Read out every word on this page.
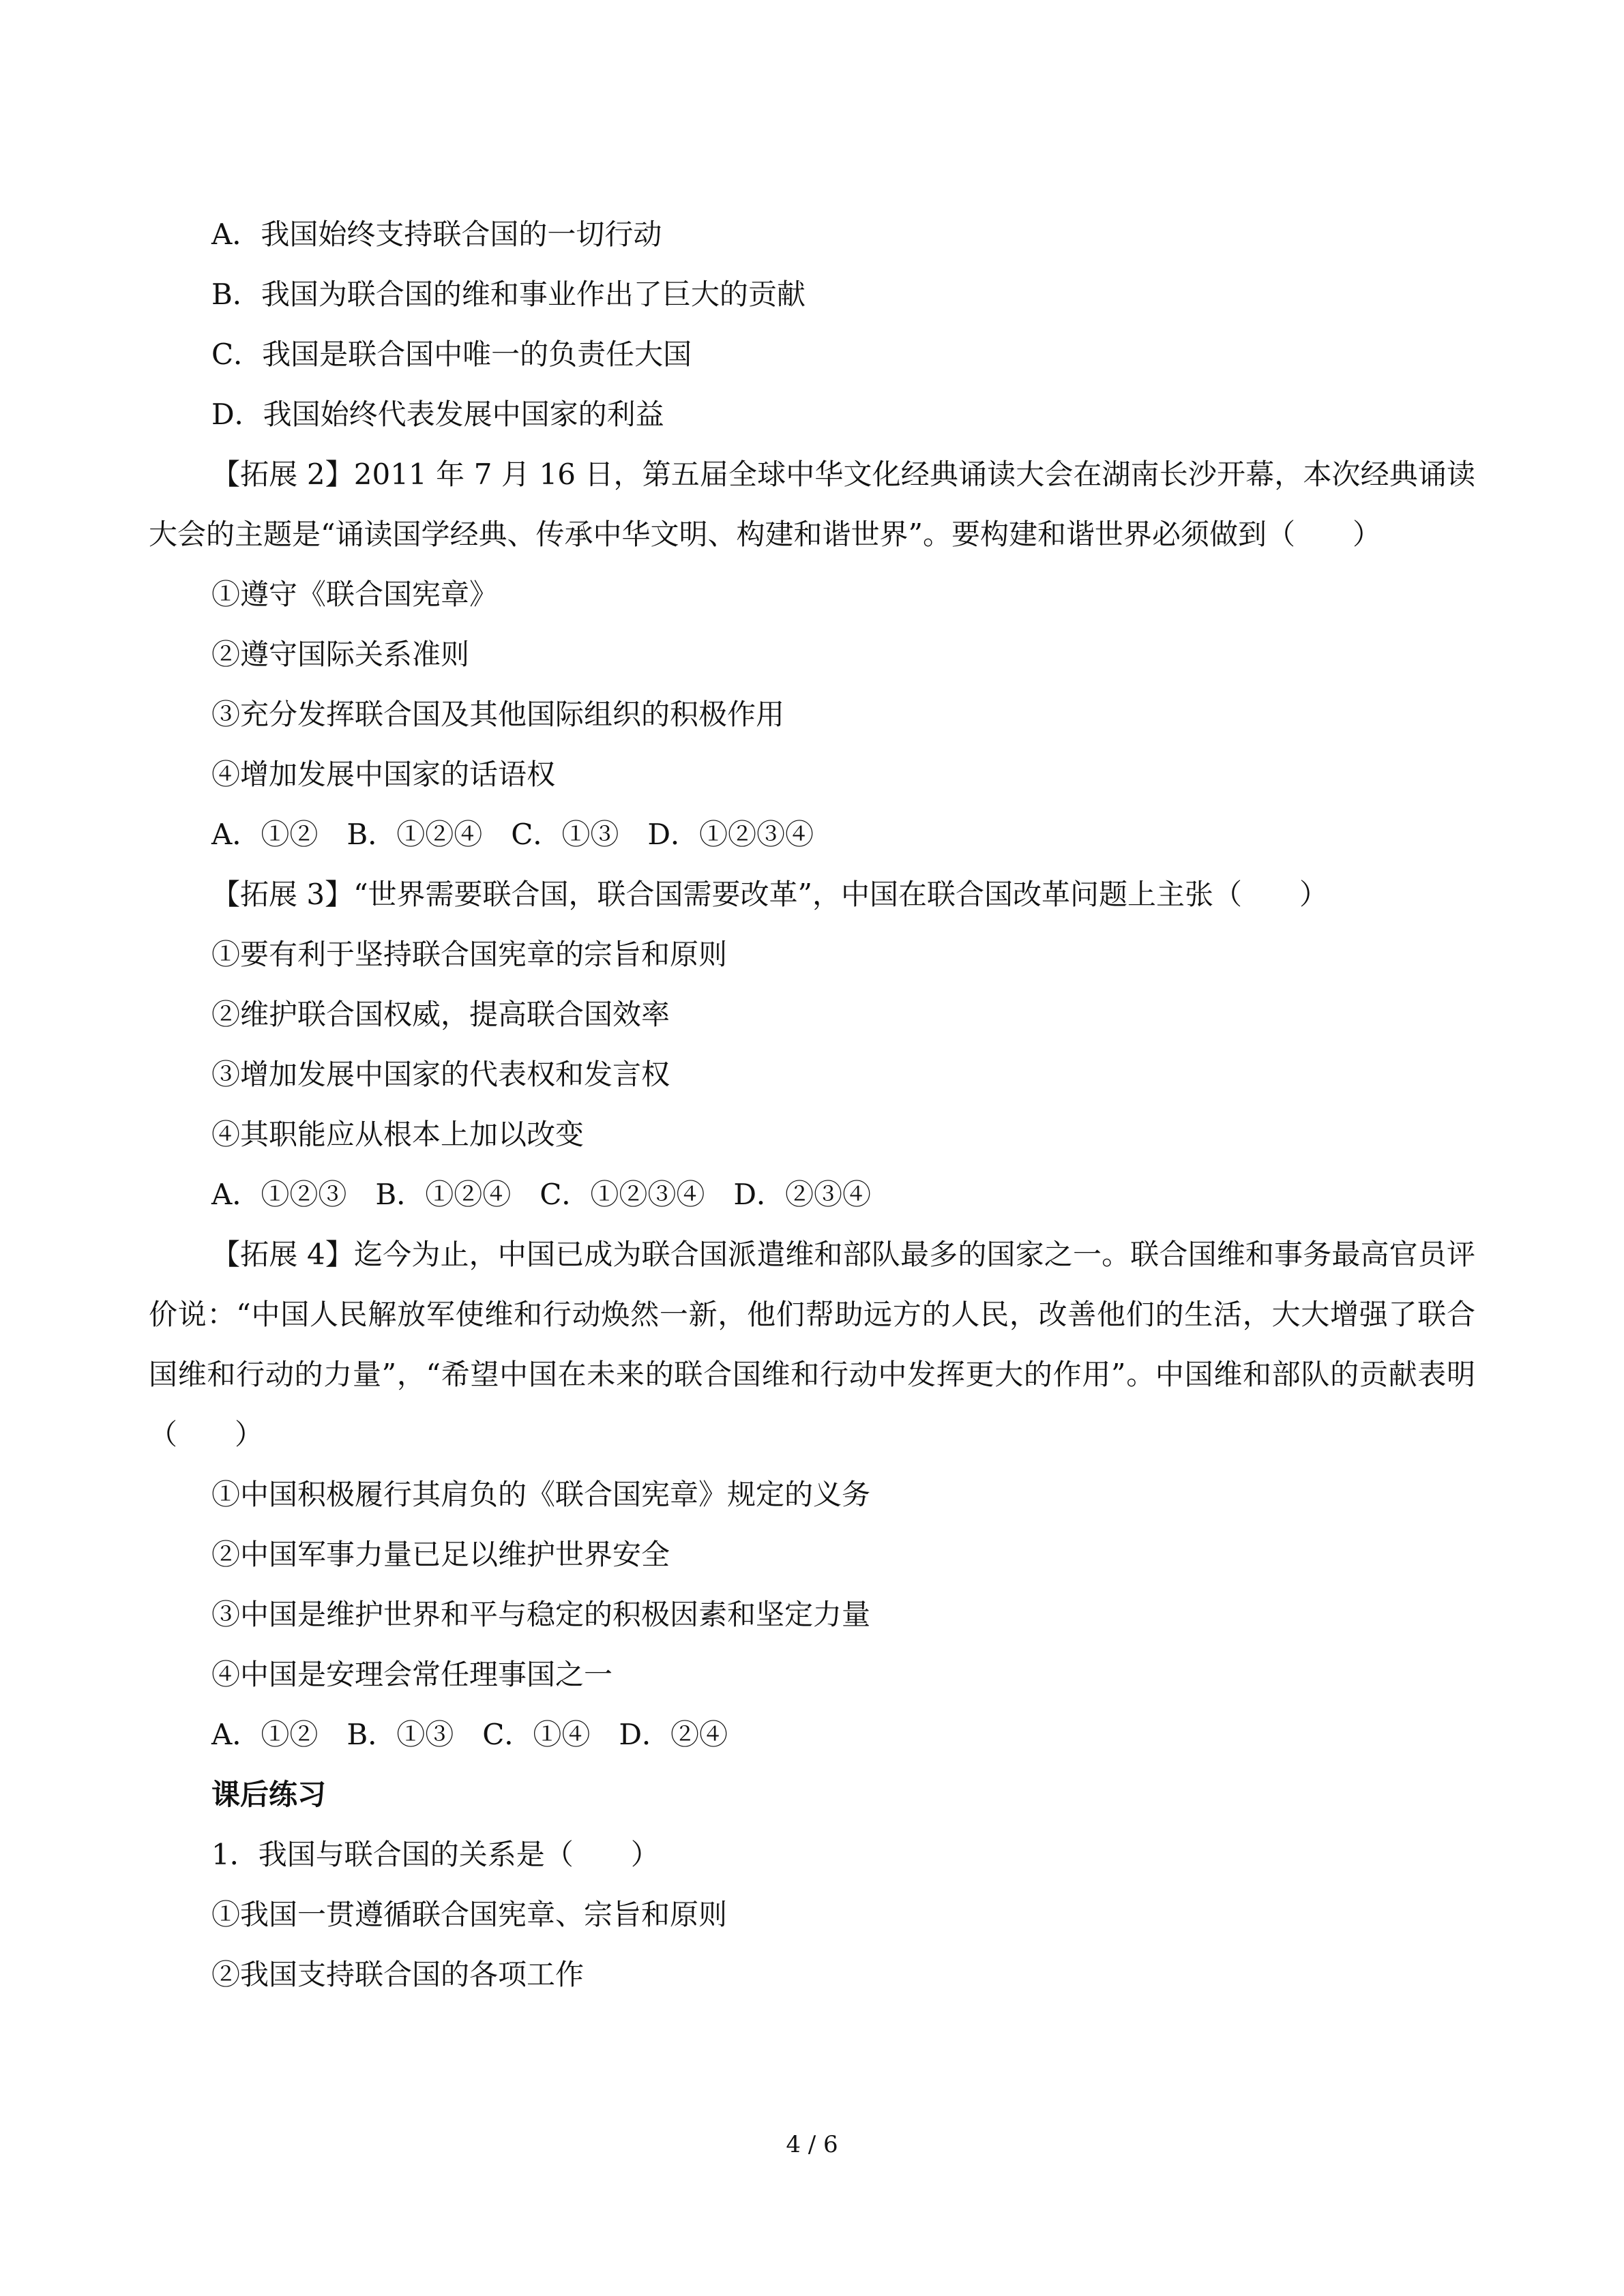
A．我国始终支持联合国的一切行动
B．我国为联合国的维和事业作出了巨大的贡献
C．我国是联合国中唯一的负责任大国
D．我国始终代表发展中国家的利益
【拓展 2】2011 年 7 月 16 日，第五届全球中华文化经典诵读大会在湖南长沙开幕，本次经典诵读大会的主题是“诵读国学经典、传承中华文明、构建和谐世界”。要构建和谐世界必须做到（　　）
①遵守《联合国宪章》
②遵守国际关系准则
③充分发挥联合国及其他国际组织的积极作用
④增加发展中国家的话语权
A．①②　B．①②④　C．①③　D．①②③④
【拓展 3】“世界需要联合国，联合国需要改革”，中国在联合国改革问题上主张（　　）
①要有利于坚持联合国宪章的宗旨和原则
②维护联合国权威，提高联合国效率
③增加发展中国家的代表权和发言权
④其职能应从根本上加以改变
A．①②③　B．①②④　C．①②③④　D．②③④
【拓展 4】迄今为止，中国已成为联合国派遣维和部队最多的国家之一。联合国维和事务最高官员评价说：“中国人民解放军使维和行动焕然一新，他们帮助远方的人民，改善他们的生活，大大增强了联合国维和行动的力量”，“希望中国在未来的联合国维和行动中发挥更大的作用”。中国维和部队的贡献表明（　　）
①中国积极履行其肩负的《联合国宪章》规定的义务
②中国军事力量已足以维护世界安全
③中国是维护世界和平与稳定的积极因素和坚定力量
④中国是安理会常任理事国之一
A．①②　B．①③　C．①④　D．②④
课后练习
1．我国与联合国的关系是（　　）
①我国一贯遵循联合国宪章、宗旨和原则
②我国支持联合国的各项工作
4 / 6
